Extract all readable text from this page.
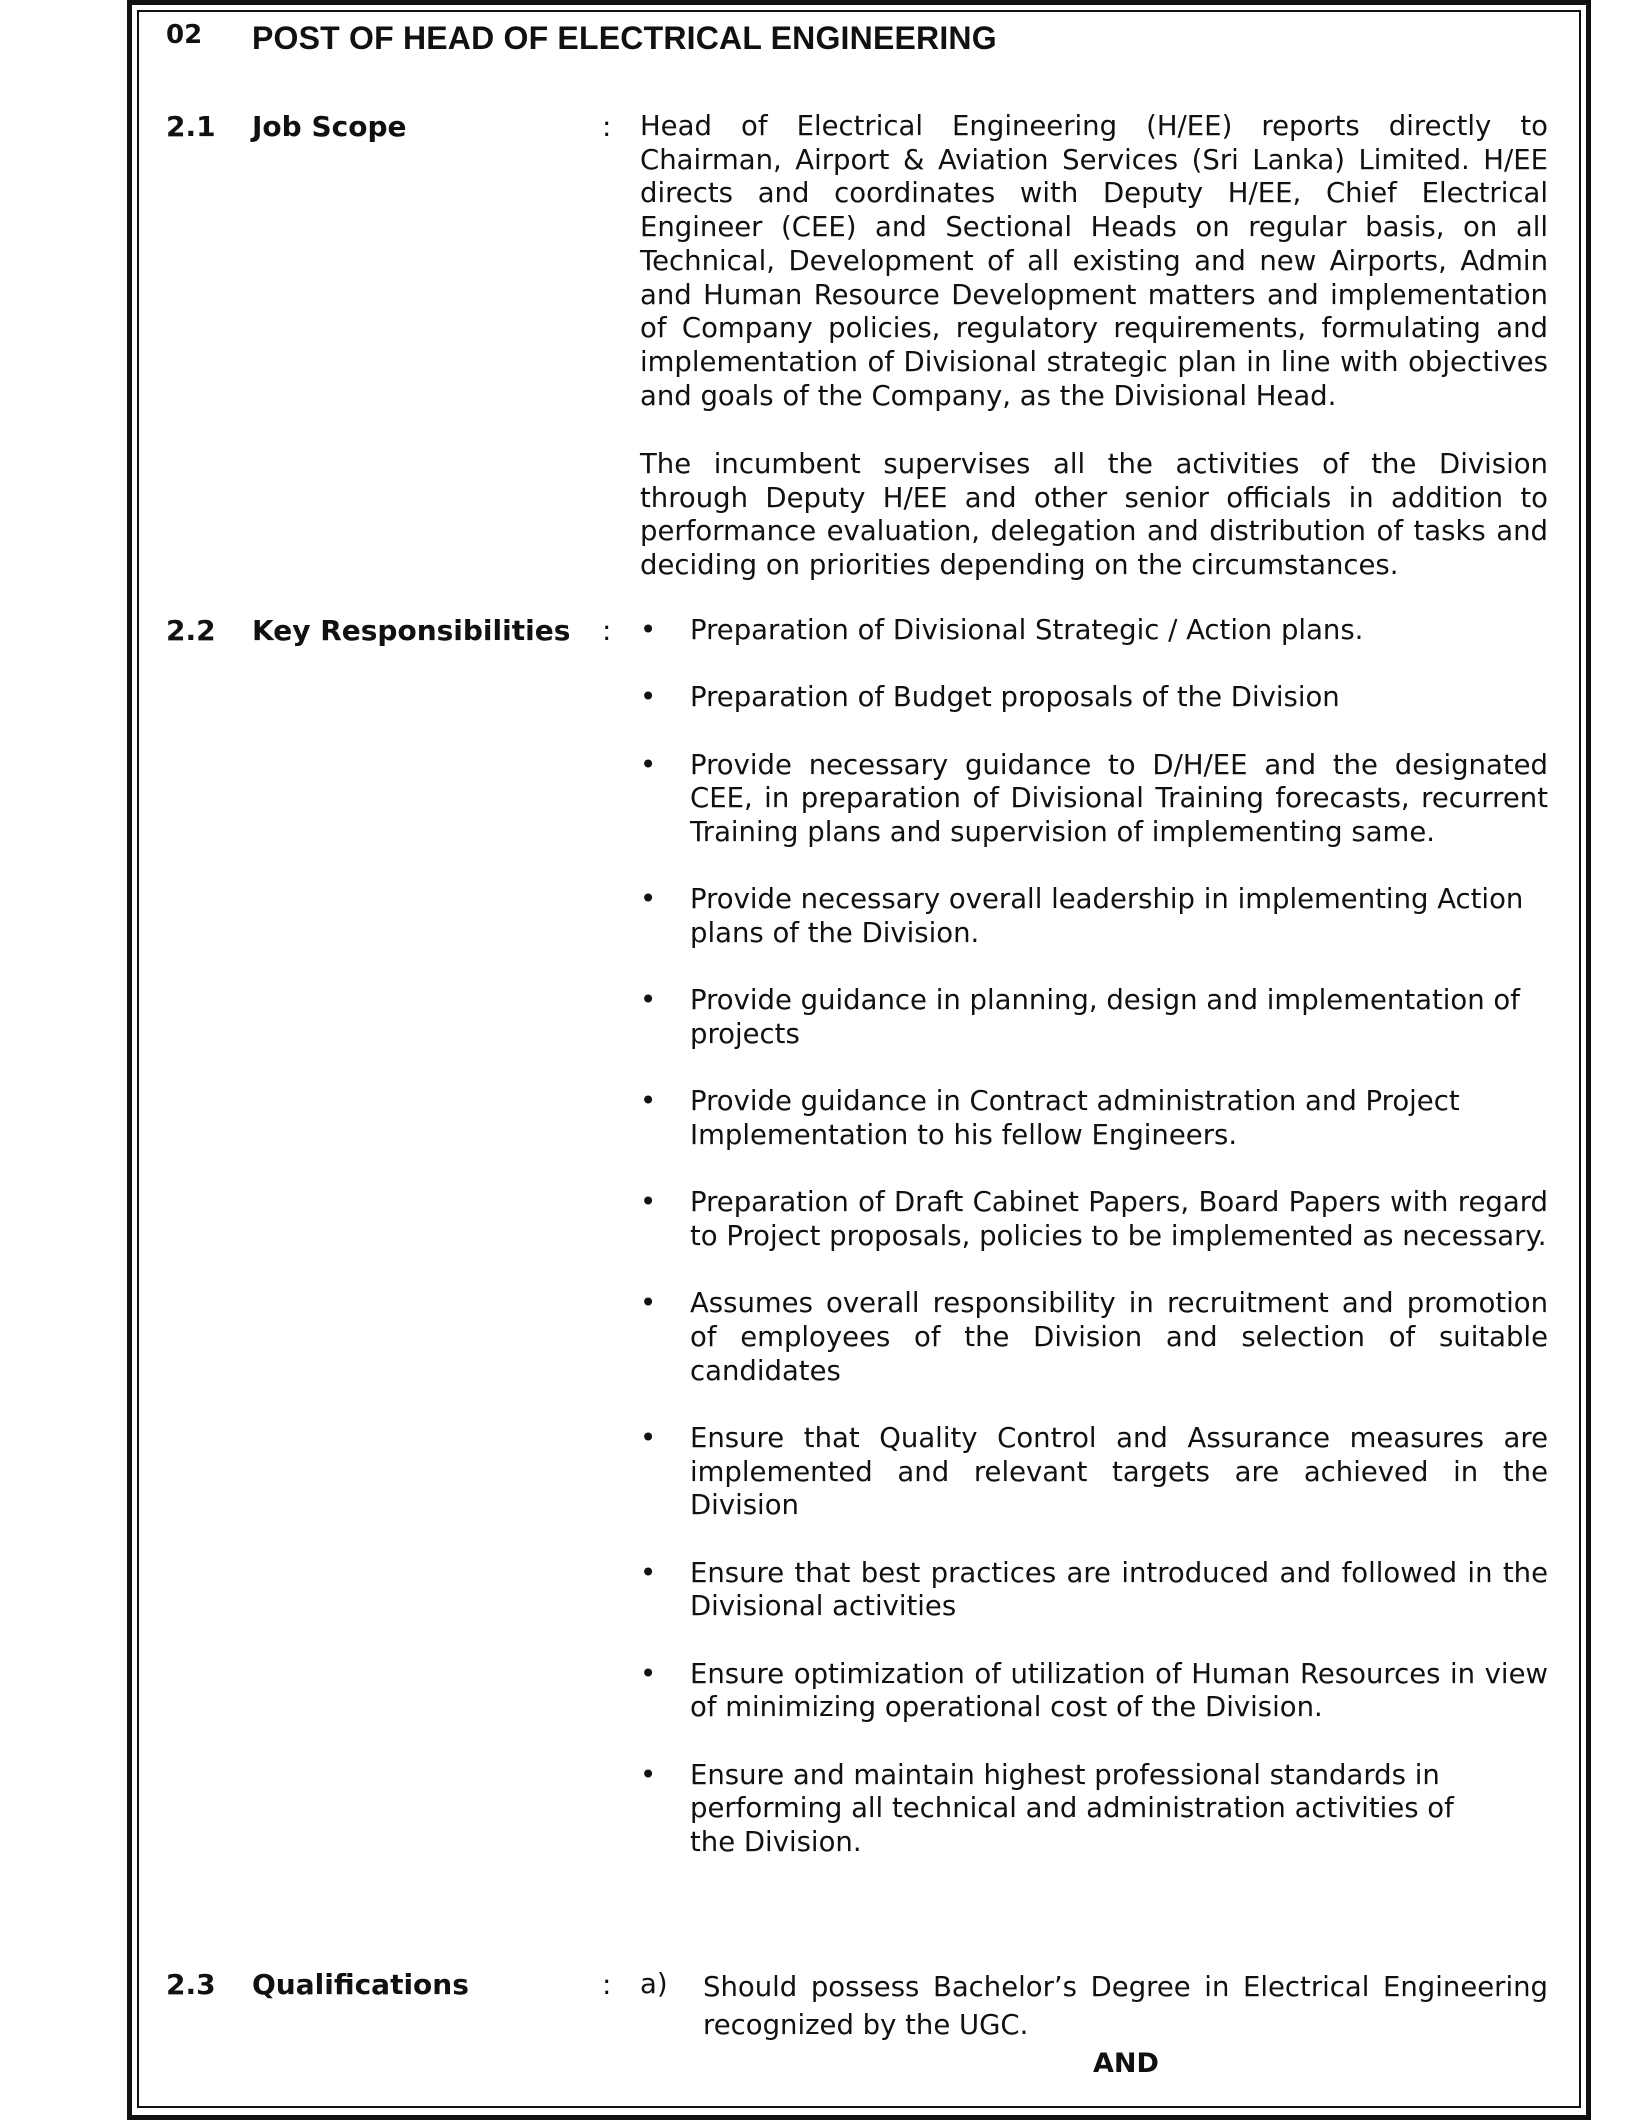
02 POST OF HEAD OF ELECTRICAL ENGINEERING
2.1 Job Scope	: Head of Electrical Engineering (H/EE) reports directly to Chairman, Airport & Aviation Services (Sri Lanka) Limited. H/EE directs and coordinates with Deputy H/EE, Chief Electrical Engineer (CEE) and Sectional Heads on regular basis, on all Technical, Development of all existing and new Airports, Admin and Human Resource Development matters and implementation of Company policies, regulatory requirements, formulating and implementation of Divisional strategic plan in line with objectives and goals of the Company, as the Divisional Head.
The incumbent supervises all the activities of the Division through Deputy H/EE and other senior officials in addition to performance evaluation, delegation and distribution of tasks and deciding on priorities depending on the circumstances.
2.2 Key Responsibilities : • Preparation of Divisional Strategic / Action plans.
• Preparation of Budget proposals of the Division
• Provide necessary guidance to D/H/EE and the designated CEE, in preparation of Divisional Training forecasts, recurrent Training plans and supervision of implementing same.
• Provide necessary overall leadership in implementing Action plans of the Division.
• Provide guidance in planning, design and implementation of projects
• Provide guidance in Contract administration and Project Implementation to his fellow Engineers.
• Preparation of Draft Cabinet Papers, Board Papers with regard to Project proposals, policies to be implemented as necessary.
• Assumes overall responsibility in recruitment and promotion of employees of the Division and selection of suitable candidates
• Ensure that Quality Control and Assurance measures are implemented and relevant targets are achieved in the Division
• Ensure that best practices are introduced and followed in the Divisional activities
• Ensure optimization of utilization of Human Resources in view of minimizing operational cost of the Division.
• Ensure and maintain highest professional standards in performing all technical and administration activities of the Division.
2.3 Qualifications	: a) Should possess Bachelor’s Degree in Electrical Engineering recognized by the UGC.
AND
